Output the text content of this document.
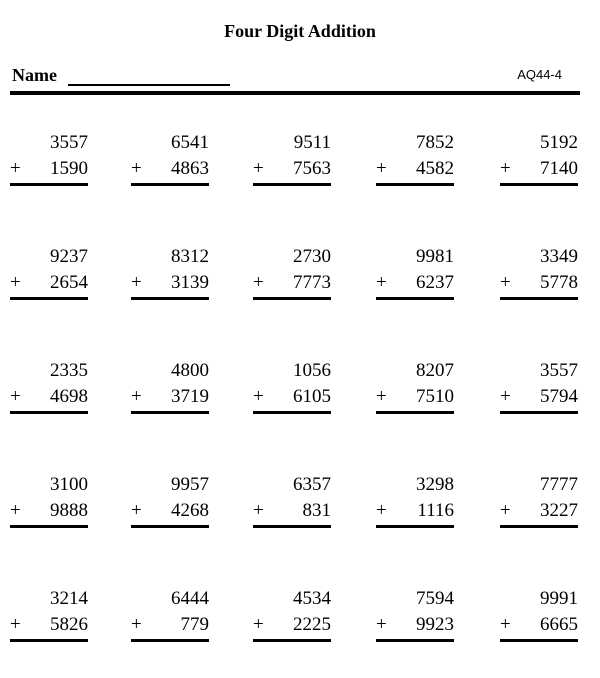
Four Digit Addition
Name	AQ44-4
3557
+ 1590
6541
+ 4863
9511
+ 7563
7852
+ 4582
5192
+ 7140
9237
+ 2654
8312
+ 3139
2730
+ 7773
9981
+ 6237
3349
+ 5778
2335
+ 4698
4800
+ 3719
1056
+ 6105
8207
+ 7510
3557
+ 5794
3100
+ 9888
9957
+ 4268
6357
+ 831
3298
+ 1116
7777
+ 3227
3214
+ 5826
6444
+ 779
4534
+ 2225
7594
+ 9923
9991
+ 6665
